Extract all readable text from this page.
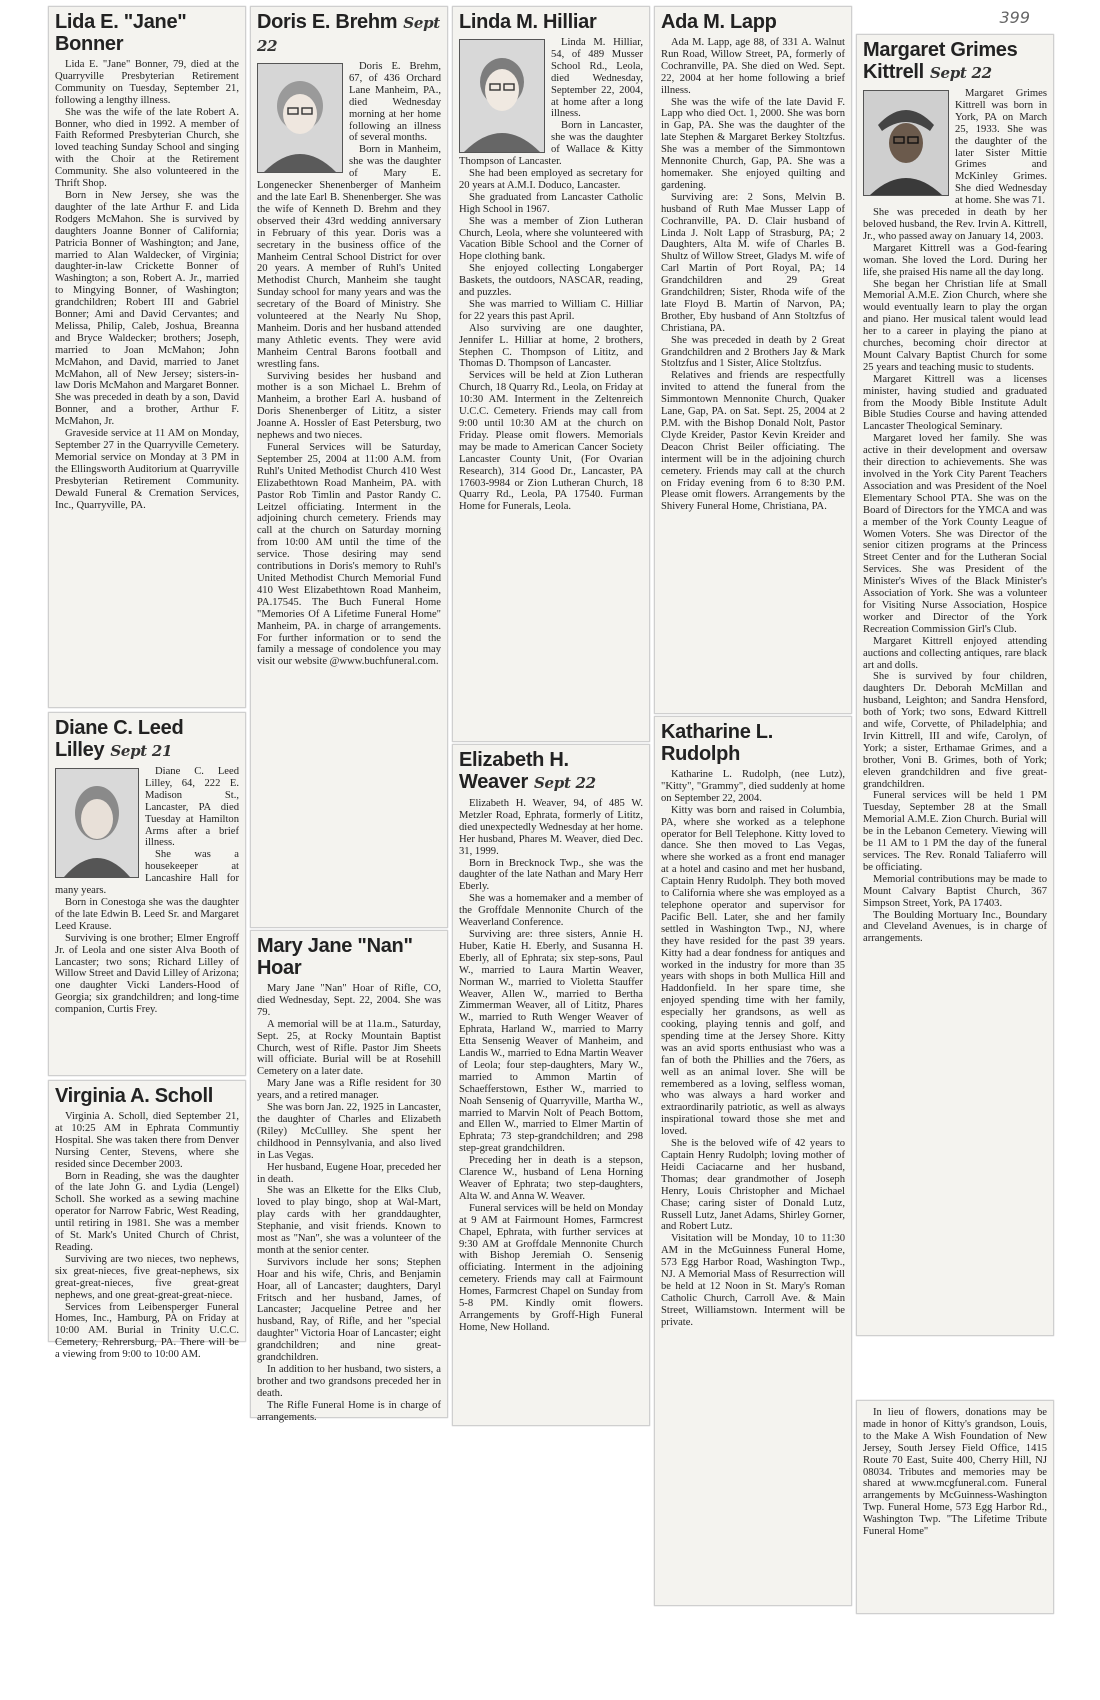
399
Lida E. "Jane" Bonner

Lida E. "Jane" Bonner, 79, died at the Quarryville Presbyterian Retirement Community on Tuesday, September 21, following a lengthy illness.

She was the wife of the late Robert A. Bonner, who died in 1992. A member of Faith Reformed Presbyterian Church, she loved teaching Sunday School and singing with the Choir at the Retirement Community. She also volunteered in the Thrift Shop.

Born in New Jersey, she was the daughter of the late Arthur F. and Lida Rodgers McMahon. She is survived by daughters Joanne Bonner of California; Patricia Bonner of Washington; and Jane, married to Alan Waldecker, of Virginia; daughter-in-law Crickette Bonner of Washington; a son, Robert A. Jr., married to Mingying Bonner, of Washington; grandchildren; Robert III and Gabriel Bonner; Ami and David Cervantes; and Melissa, Philip, Caleb, Joshua, Breanna and Bryce Waldecker; brothers; Joseph, married to Joan McMahon; John McMahon, and David, married to Janet McMahon, all of New Jersey; sisters-in-law Doris McMahon and Margaret Bonner. She was preceded in death by a son, David Bonner, and a brother, Arthur F. McMahon, Jr.

Graveside service at 11 AM on Monday, September 27 in the Quarryville Cemetery. Memorial service on Monday at 3 PM in the Ellingsworth Auditorium at Quarryville Presbyterian Retirement Community. Dewald Funeral & Cremation Services, Inc., Quarryville, PA.

Diane C. Leed Lilley Sept 21

Diane C. Leed Lilley, 64, 222 E. Madison St., Lancaster, PA died Tuesday at Hamilton Arms after a brief illness.

She was a housekeeper at Lancashire Hall for many years.

Born in Conestoga she was the daughter of the late Edwin B. Leed Sr. and Margaret Leed Krause.

Surviving is one brother; Elmer Engroff Jr. of Leola and one sister Alva Booth of Lancaster; two sons; Richard Lilley of Willow Street and David Lilley of Arizona; one daughter Vicki Landers-Hood of Georgia; six grandchildren; and long-time companion, Curtis Frey.

Virginia A. Scholl

Virginia A. Scholl, died September 21, at 10:25 AM in Ephrata Communtiy Hospital. She was taken there from Denver Nursing Center, Stevens, where she resided since December 2003.

Born in Reading, she was the daughter of the late John G. and Lydia (Lengel) Scholl. She worked as a sewing machine operator for Narrow Fabric, West Reading, until retiring in 1981. She was a member of St. Mark's United Church of Christ, Reading.

Surviving are two nieces, two nephews, six great-nieces, five great-nephews, six great-great-nieces, five great-great nephews, and one great-great-great-niece.

Services from Leibensperger Funeral Homes, Inc., Hamburg, PA on Friday at 10:00 AM. Burial in Trinity U.C.C. Cemetery, Rehrersburg, PA. There will be a viewing from 9:00 to 10:00 AM.

Doris E. Brehm Sept 22

Doris E. Brehm, 67, of 436 Orchard Lane Manheim, PA., died Wednesday morning at her home following an illness of several months.

Born in Manheim, she was the daughter of Mary E. Longenecker Shenenberger of Manheim and the late Earl B. Shenenberger. She was the wife of Kenneth D. Brehm and they observed their 43rd wedding anniversary in February of this year. Doris was a secretary in the business office of the Manheim Central School District for over 20 years. A member of Ruhl's United Methodist Church, Manheim she taught Sunday school for many years and was the secretary of the Board of Ministry. She volunteered at the Nearly Nu Shop, Manheim. Doris and her husband attended many Athletic events. They were avid Manheim Central Barons football and wrestling fans.

Surviving besides her husband and mother is a son Michael L. Brehm of Manheim, a brother Earl A. husband of Doris Shenenberger of Lititz, a sister Joanne A. Hossler of East Petersburg, two nephews and two nieces.

Funeral Services will be Saturday, September 25, 2004 at 11:00 A.M. from Ruhl's United Methodist Church 410 West Elizabethtown Road Manheim, PA. with Pastor Rob Timlin and Pastor Randy C. Leitzel officiating. Interment in the adjoining church cemetery. Friends may call at the church on Saturday morning from 10:00 AM until the time of the service. Those desiring may send contributions in Doris's memory to Ruhl's United Methodist Church Memorial Fund 410 West Elizabethtown Road Manheim, PA.17545. The Buch Funeral Home "Memories Of A Lifetime Funeral Home" Manheim, PA. in charge of arrangements. For further information or to send the family a message of condolence you may visit our website @www.buchfuneral.com.

Mary Jane "Nan" Hoar

Mary Jane "Nan" Hoar of Rifle, CO, died Wednesday, Sept. 22, 2004. She was 79.

A memorial will be at 11a.m., Saturday, Sept. 25, at Rocky Mountain Baptist Church, west of Rifle. Pastor Jim Sheets will officiate. Burial will be at Rosehill Cemetery on a later date.

Mary Jane was a Rifle resident for 30 years, and a retired manager.

She was born Jan. 22, 1925 in Lancaster, the daughter of Charles and Elizabeth (Riley) McCullley. She spent her childhood in Pennsylvania, and also lived in Las Vegas.

Her husband, Eugene Hoar, preceded her in death.

She was an Elkette for the Elks Club, loved to play bingo, shop at Wal-Mart, play cards with her granddaughter, Stephanie, and visit friends. Known to most as "Nan", she was a volunteer of the month at the senior center.

Survivors include her sons; Stephen Hoar and his wife, Chris, and Benjamin Hoar, all of Lancaster; daughters, Daryl Fritsch and her husband, James, of Lancaster; Jacqueline Petree and her husband, Ray, of Rifle, and her "special daughter" Victoria Hoar of Lancaster; eight grandchildren; and nine great-grandchildren.

In addition to her husband, two sisters, a brother and two grandsons preceded her in death.

The Rifle Funeral Home is in charge of arrangements.

Linda M. Hilliar

Linda M. Hilliar, 54, of 489 Musser School Rd., Leola, died Wednesday, September 22, 2004, at home after a long illness.

Born in Lancaster, she was the daughter of Wallace & Kitty Thompson of Lancaster.

She had been employed as secretary for 20 years at A.M.I. Doduco, Lancaster.

She graduated from Lancaster Catholic High School in 1967.

She was a member of Zion Lutheran Church, Leola, where she volunteered with Vacation Bible School and the Corner of Hope clothing bank.

She enjoyed collecting Longaberger Baskets, the outdoors, NASCAR, reading, and puzzles.

She was married to William C. Hilliar for 22 years this past April.

Also surviving are one daughter, Jennifer L. Hilliar at home, 2 brothers, Stephen C. Thompson of Lititz, and Thomas D. Thompson of Lancaster.

Services will be held at Zion Lutheran Church, 18 Quarry Rd., Leola, on Friday at 10:30 AM. Interment in the Zeltenreich U.C.C. Cemetery. Friends may call from 9:00 until 10:30 AM at the church on Friday. Please omit flowers. Memorials may be made to American Cancer Society Lancaster County Unit, (For Ovarian Research), 314 Good Dr., Lancaster, PA 17603-9984 or Zion Lutheran Church, 18 Quarry Rd., Leola, PA 17540. Furman Home for Funerals, Leola.

Elizabeth H. Weaver Sept 22

Elizabeth H. Weaver, 94, of 485 W. Metzler Road, Ephrata, formerly of Lititz, died unexpectedly Wednesday at her home. Her husband, Phares M. Weaver, died Dec. 31, 1999.

Born in Brecknock Twp., she was the daughter of the late Nathan and Mary Herr Eberly.

She was a homemaker and a member of the Groffdale Mennonite Church of the Weaverland Conference.

Surviving are: three sisters, Annie H. Huber, Katie H. Eberly, and Susanna H. Eberly, all of Ephrata; six step-sons, Paul W., married to Laura Martin Weaver, Norman W., married to Violetta Stauffer Weaver, Allen W., married to Bertha Zimmerman Weaver, all of Lititz, Phares W., married to Ruth Wenger Weaver of Ephrata, Harland W., married to Marry Etta Sensenig Weaver of Manheim, and Landis W., married to Edna Martin Weaver of Leola; four step-daughters, Mary W., married to Ammon Martin of Schaefferstown, Esther W., married to Noah Sensenig of Quarryville, Martha W., married to Marvin Nolt of Peach Bottom, and Ellen W., married to Elmer Martin of Ephrata; 73 step-grandchildren; and 298 step-great grandchildren.

Preceding her in death is a stepson, Clarence W., husband of Lena Horning Weaver of Ephrata; two step-daughters, Alta W. and Anna W. Weaver.

Funeral services will be held on Monday at 9 AM at Fairmount Homes, Farmcrest Chapel, Ephrata, with further services at 9:30 AM at Groffdale Mennonite Church with Bishop Jeremiah O. Sensenig officiating. Interment in the adjoining cemetery. Friends may call at Fairmount Homes, Farmcrest Chapel on Sunday from 5-8 PM. Kindly omit flowers. Arrangements by Groff-High Funeral Home, New Holland.

Ada M. Lapp

Ada M. Lapp, age 88, of 331 A. Walnut Run Road, Willow Street, PA, formerly of Cochranville, PA. She died on Wed. Sept. 22, 2004 at her home following a brief illness.

She was the wife of the late David F. Lapp who died Oct. 1, 2000. She was born in Gap, PA. She was the daughter of the late Stephen & Margaret Berkey Stoltzfus. She was a member of the Simmontown Mennonite Church, Gap, PA. She was a homemaker. She enjoyed quilting and gardening.

Surviving are: 2 Sons, Melvin B. husband of Ruth Mae Musser Lapp of Cochranville, PA. D. Clair husband of Linda J. Nolt Lapp of Strasburg, PA; 2 Daughters, Alta M. wife of Charles B. Shultz of Willow Street, Gladys M. wife of Carl Martin of Port Royal, PA; 14 Grandchildren and 29 Great Grandchildren; Sister, Rhoda wife of the late Floyd B. Martin of Narvon, PA; Brother, Eby husband of Ann Stoltzfus of Christiana, PA.

She was preceded in death by 2 Great Grandchildren and 2 Brothers Jay & Mark Stoltzfus and 1 Sister, Alice Stoltzfus.

Relatives and friends are respectfully invited to attend the funeral from the Simmontown Mennonite Church, Quaker Lane, Gap, PA. on Sat. Sept. 25, 2004 at 2 P.M. with the Bishop Donald Nolt, Pastor Clyde Kreider, Pastor Kevin Kreider and Deacon Christ Beiler officiating. The interment will be in the adjoining church cemetery. Friends may call at the church on Friday evening from 6 to 8:30 P.M. Please omit flowers. Arrangements by the Shivery Funeral Home, Christiana, PA.

Katharine L. Rudolph

Katharine L. Rudolph, (nee Lutz), "Kitty", "Grammy", died suddenly at home on September 22, 2004.

Kitty was born and raised in Columbia, PA, where she worked as a telephone operator for Bell Telephone. Kitty loved to dance. She then moved to Las Vegas, where she worked as a front end manager at a hotel and casino and met her husband, Captain Henry Rudolph. They both moved to California where she was employed as a telephone operator and supervisor for Pacific Bell. Later, she and her family settled in Washington Twp., NJ, where they have resided for the past 39 years. Kitty had a dear fondness for antiques and worked in the industry for more than 35 years with shops in both Mullica Hill and Haddonfield. In her spare time, she enjoyed spending time with her family, especially her grandsons, as well as cooking, playing tennis and golf, and spending time at the Jersey Shore. Kitty was an avid sports enthusiast who was a fan of both the Phillies and the 76ers, as well as an animal lover. She will be remembered as a loving, selfless woman, who was always a hard worker and extraordinarily patriotic, as well as always inspirational toward those she met and loved.

She is the beloved wife of 42 years to Captain Henry Rudolph; loving mother of Heidi Caciacarne and her husband, Thomas; dear grandmother of Joseph Henry, Louis Christopher and Michael Chase; caring sister of Donald Lutz, Russell Lutz, Janet Adams, Shirley Gorner, and Robert Lutz.

Visitation will be Monday, 10 to 11:30 AM in the McGuinness Funeral Home, 573 Egg Harbor Road, Washington Twp., NJ. A Memorial Mass of Resurrection will be held at 12 Noon in St. Mary's Roman Catholic Church, Carroll Ave. & Main Street, Williamstown. Interment will be private.

Margaret Grimes Kittrell Sept 22

Margaret Grimes Kittrell was born in York, PA on March 25, 1933. She was the daughter of the later Sister Mittie Grimes and McKinley Grimes. She died Wednesday at home. She was 71.

She was preceded in death by her beloved husband, the Rev. Irvin A. Kittrell, Jr., who passed away on January 14, 2003.

Margaret Kittrell was a God-fearing woman. She loved the Lord. During her life, she praised His name all the day long.

She began her Christian life at Small Memorial A.M.E. Zion Church, where she would eventually learn to play the organ and piano. Her musical talent would lead her to a career in playing the piano at churches, becoming choir director at Mount Calvary Baptist Church for some 25 years and teaching music to students.

Margaret Kittrell was a licenses minister, having studied and graduated from the Moody Bible Institute Adult Bible Studies Course and having attended Lancaster Theological Seminary.

Margaret loved her family. She was active in their development and oversaw their direction to achievements. She was involved in the York City Parent Teachers Association and was President of the Noel Elementary School PTA. She was on the Board of Directors for the YMCA and was a member of the York County League of Women Voters. She was Director of the senior citizen programs at the Princess Street Center and for the Lutheran Social Services. She was President of the Minister's Wives of the Black Minister's Association of York. She was a volunteer for Visiting Nurse Association, Hospice worker and Director of the York Recreation Commission Girl's Club.

Margaret Kittrell enjoyed attending auctions and collecting antiques, rare black art and dolls.

She is survived by four children, daughters Dr. Deborah McMillan and husband, Leighton; and Sandra Hensford, both of York; two sons, Edward Kittrell and wife, Corvette, of Philadelphia; and Irvin Kittrell, III and wife, Carolyn, of York; a sister, Erthamae Grimes, and a brother, Voni B. Grimes, both of York; eleven grandchildren and five great-grandchildren.

Funeral services will be held 1 PM Tuesday, September 28 at the Small Memorial A.M.E. Zion Church. Burial will be in the Lebanon Cemetery. Viewing will be 11 AM to 1 PM the day of the funeral services. The Rev. Ronald Taliaferro will be officiating.

Memorial contributions may be made to Mount Calvary Baptist Church, 367 Simpson Street, York, PA 17403.

The Boulding Mortuary Inc., Boundary and Cleveland Avenues, is in charge of arrangements.

In lieu of flowers, donations may be made in honor of Kitty's grandson, Louis, to the Make A Wish Foundation of New Jersey, South Jersey Field Office, 1415 Route 70 East, Suite 400, Cherry Hill, NJ 08034. Tributes and memories may be shared at www.mcgfuneral.com. Funeral arrangements by McGuinness-Washington Twp. Funeral Home, 573 Egg Harbor Rd., Washington Twp. "The Lifetime Tribute Funeral Home"
